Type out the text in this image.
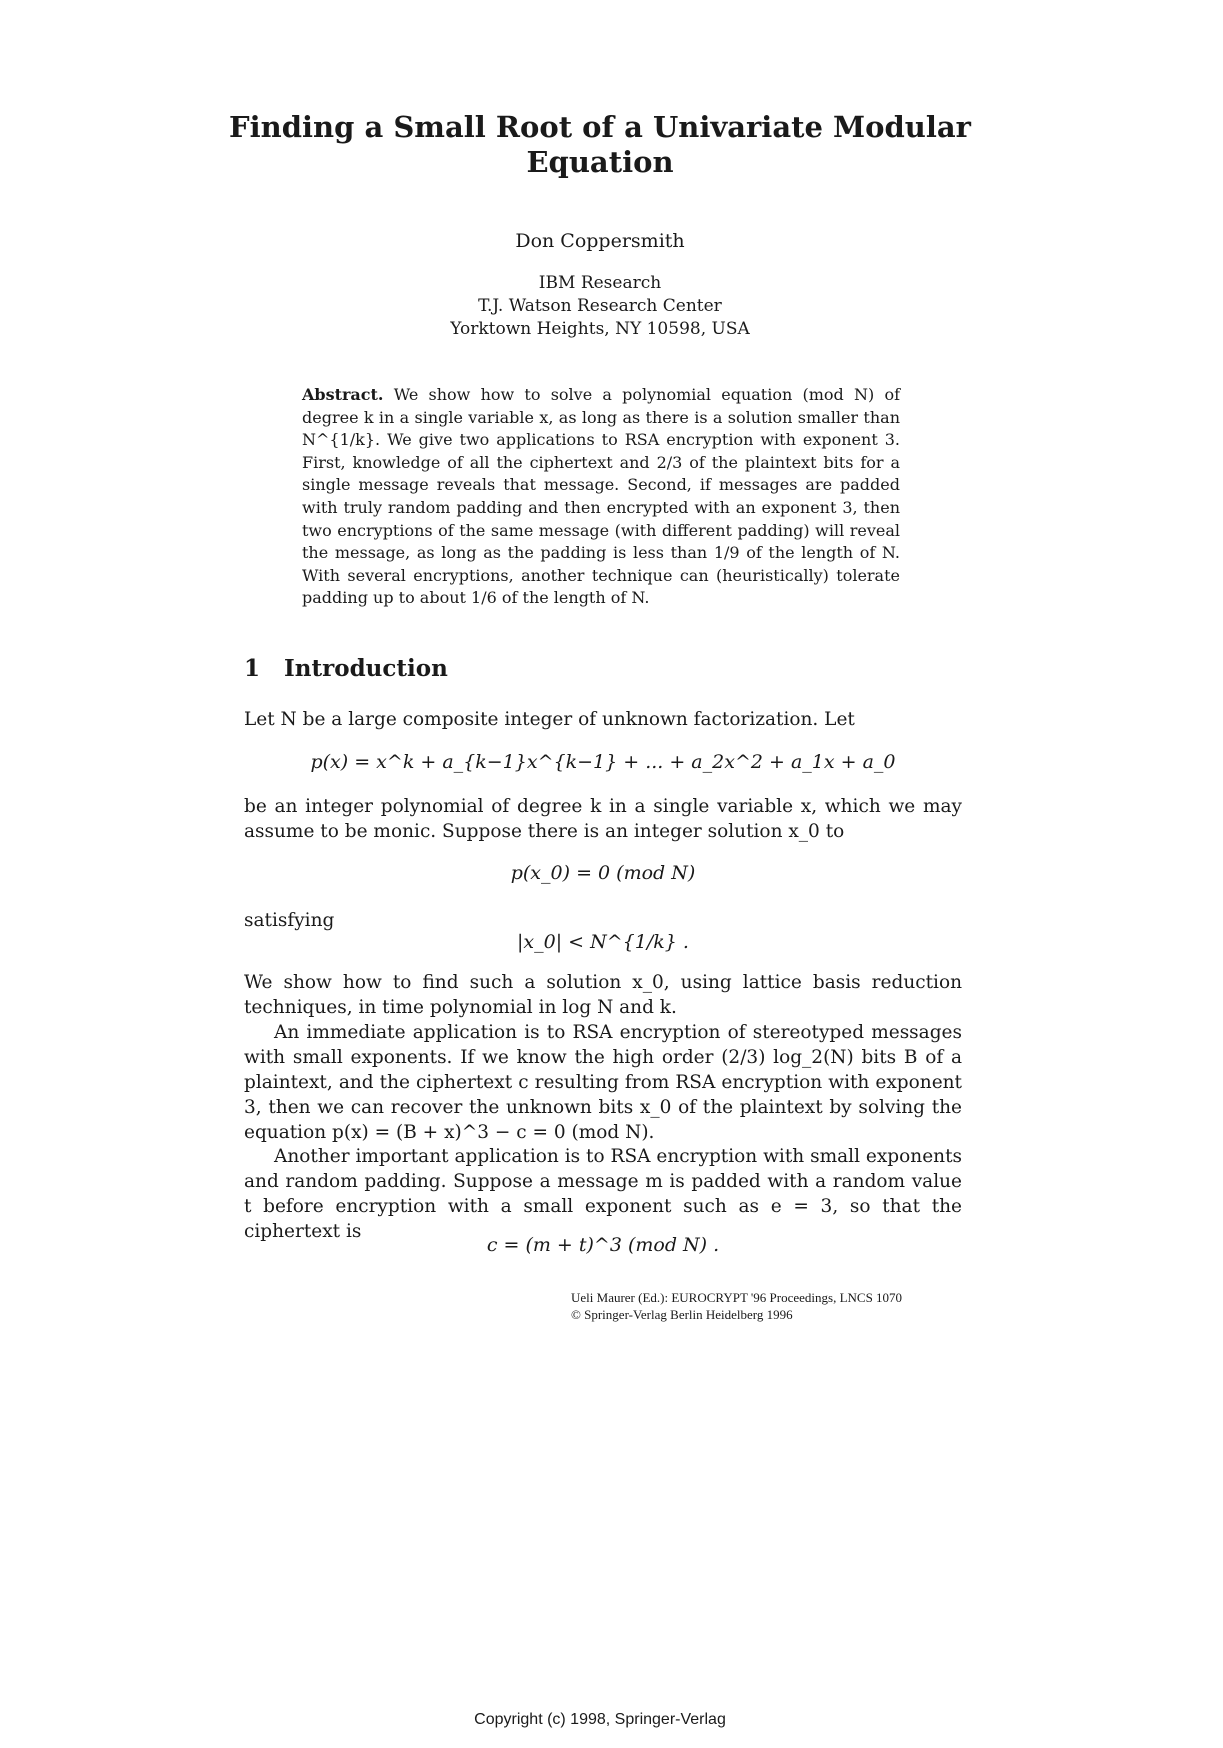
Finding a Small Root of a Univariate Modular Equation
Don Coppersmith
IBM Research
T.J. Watson Research Center
Yorktown Heights, NY 10598, USA
Abstract. We show how to solve a polynomial equation (mod N) of degree k in a single variable x, as long as there is a solution smaller than N^{1/k}. We give two applications to RSA encryption with exponent 3. First, knowledge of all the ciphertext and 2/3 of the plaintext bits for a single message reveals that message. Second, if messages are padded with truly random padding and then encrypted with an exponent 3, then two encryptions of the same message (with different padding) will reveal the message, as long as the padding is less than 1/9 of the length of N. With several encryptions, another technique can (heuristically) tolerate padding up to about 1/6 of the length of N.
1 Introduction
Let N be a large composite integer of unknown factorization. Let
p(x) = x^k + a_{k−1}x^{k−1} + ... + a_2x^2 + a_1x + a_0
be an integer polynomial of degree k in a single variable x, which we may assume to be monic. Suppose there is an integer solution x_0 to
p(x_0) = 0 (mod N)
satisfying
|x_0| < N^{1/k} .
We show how to find such a solution x_0, using lattice basis reduction techniques, in time polynomial in log N and k.
An immediate application is to RSA encryption of stereotyped messages with small exponents. If we know the high order (2/3) log_2(N) bits B of a plaintext, and the ciphertext c resulting from RSA encryption with exponent 3, then we can recover the unknown bits x_0 of the plaintext by solving the equation p(x) = (B + x)^3 − c = 0 (mod N).
Another important application is to RSA encryption with small exponents and random padding. Suppose a message m is padded with a random value t before encryption with a small exponent such as e = 3, so that the ciphertext is
c = (m + t)^3 (mod N) .
Ueli Maurer (Ed.): EUROCRYPT '96 Proceedings, LNCS 1070
© Springer-Verlag Berlin Heidelberg 1996
Copyright (c) 1998, Springer-Verlag
